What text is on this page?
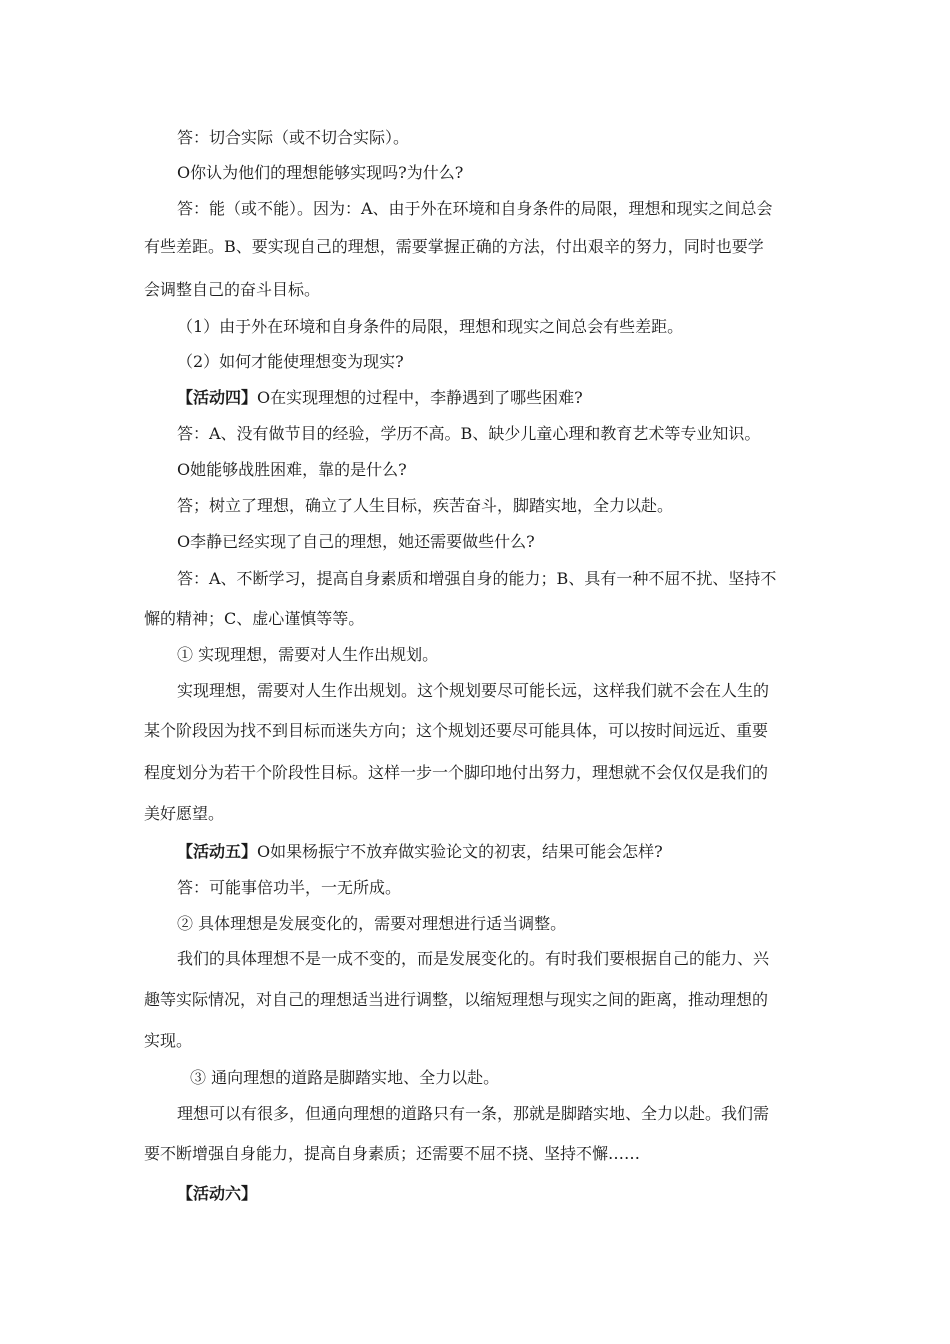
答：切合实际（或不切合实际）。

O你认为他们的理想能够实现吗?为什么?

答：能（或不能）。因为：A、由于外在环境和自身条件的局限，理想和现实之间总会

有些差距。B、要实现自己的理想，需要掌握正确的方法，付出艰辛的努力，同时也要学

会调整自己的奋斗目标。

（1）由于外在环境和自身条件的局限，理想和现实之间总会有些差距。

（2）如何才能使理想变为现实?

【活动四】O在实现理想的过程中，李静遇到了哪些困难?

答：A、没有做节目的经验，学历不高。B、缺少儿童心理和教育艺术等专业知识。

O她能够战胜困难，靠的是什么?

答；树立了理想，确立了人生目标，疾苦奋斗，脚踏实地，全力以赴。

O李静已经实现了自己的理想，她还需要做些什么?

答：A、不断学习，提高自身素质和增强自身的能力；B、具有一种不屈不扰、坚持不

懈的精神；C、虚心谨慎等等。

① 实现理想，需要对人生作出规划。

实现理想，需要对人生作出规划。这个规划要尽可能长远，这样我们就不会在人生的

某个阶段因为找不到目标而迷失方向；这个规划还要尽可能具体，可以按时间远近、重要

程度划分为若干个阶段性目标。这样一步一个脚印地付出努力，理想就不会仅仅是我们的

美好愿望。

【活动五】O如果杨振宁不放弃做实验论文的初衷，结果可能会怎样?

答：可能事倍功半，一无所成。

② 具体理想是发展变化的，需要对理想进行适当调整。

我们的具体理想不是一成不变的，而是发展变化的。有时我们要根据自己的能力、兴

趣等实际情况，对自己的理想适当进行调整，以缩短理想与现实之间的距离，推动理想的

实现。

③ 通向理想的道路是脚踏实地、全力以赴。

理想可以有很多，但通向理想的道路只有一条，那就是脚踏实地、全力以赴。我们需

要不断增强自身能力，提高自身素质；还需要不屈不挠、坚持不懈……

【活动六】
